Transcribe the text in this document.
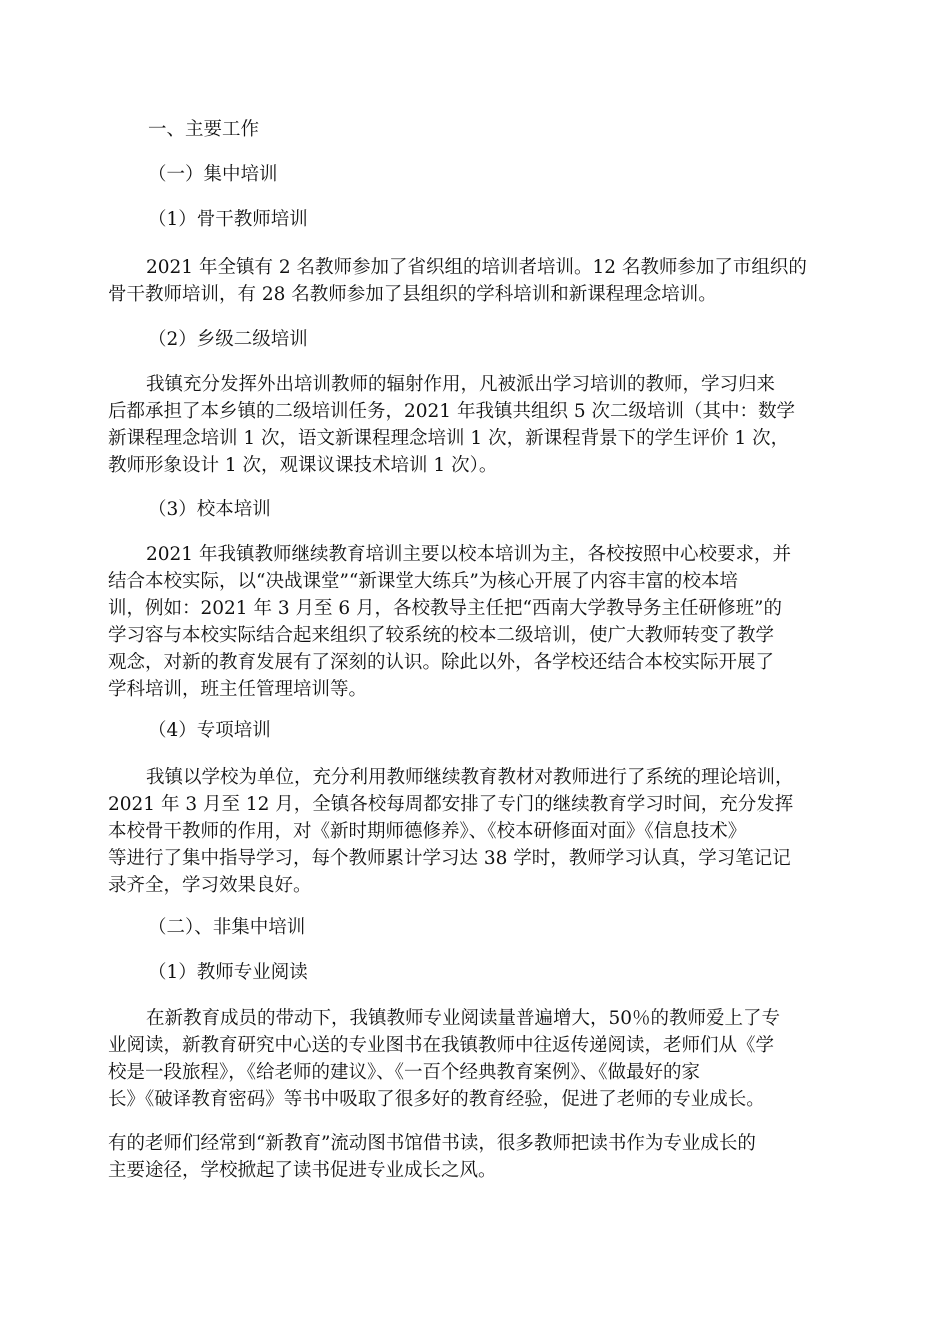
一、主要工作
（一）集中培训
（1）骨干教师培训
2021 年全镇有 2 名教师参加了省织组的培训者培训。12 名教师参加了市组织的
骨干教师培训，有 28 名教师参加了县组织的学科培训和新课程理念培训。
（2）乡级二级培训
我镇充分发挥外出培训教师的辐射作用，凡被派出学习培训的教师，学习归来
后都承担了本乡镇的二级培训任务，2021 年我镇共组织 5 次二级培训（其中：数学
新课程理念培训 1 次，语文新课程理念培训 1 次，新课程背景下的学生评价 1 次，
教师形象设计 1 次，观课议课技术培训 1 次）。
（3）校本培训
2021 年我镇教师继续教育培训主要以校本培训为主，各校按照中心校要求，并
结合本校实际，以“决战课堂”“新课堂大练兵”为核心开展了内容丰富的校本培
训，例如：2021 年 3 月至 6 月，各校教导主任把“西南大学教导务主任研修班”的
学习容与本校实际结合起来组织了较系统的校本二级培训，使广大教师转变了教学
观念，对新的教育发展有了深刻的认识。除此以外，各学校还结合本校实际开展了
学科培训，班主任管理培训等。
（4）专项培训
我镇以学校为单位，充分利用教师继续教育教材对教师进行了系统的理论培训，
2021 年 3 月至 12 月，全镇各校每周都安排了专门的继续教育学习时间，充分发挥
本校骨干教师的作用，对《新时期师德修养》、《校本研修面对面》《信息技术》
等进行了集中指导学习，每个教师累计学习达 38 学时，教师学习认真，学习笔记记
录齐全，学习效果良好。
（二）、非集中培训
（1）教师专业阅读
在新教育成员的带动下，我镇教师专业阅读量普遍增大，50％的教师爱上了专
业阅读，新教育研究中心送的专业图书在我镇教师中往返传递阅读，老师们从《学
校是一段旅程》，《给老师的建议》、《一百个经典教育案例》、《做最好的家
长》《破译教育密码》等书中吸取了很多好的教育经验，促进了老师的专业成长。
有的老师们经常到“新教育”流动图书馆借书读，很多教师把读书作为专业成长的
主要途径，学校掀起了读书促进专业成长之风。
